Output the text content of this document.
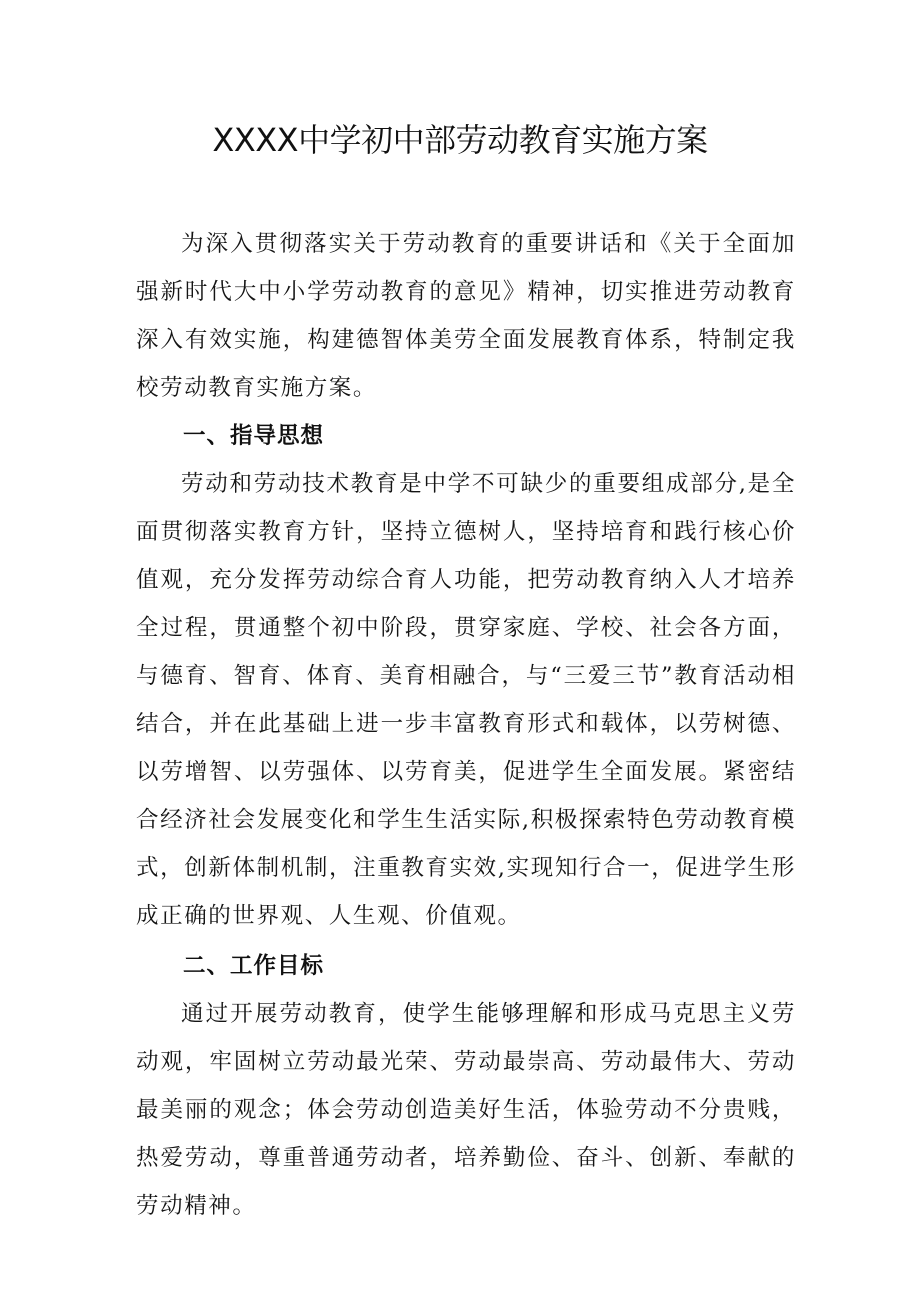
XXXX中学初中部劳动教育实施方案

为深入贯彻落实关于劳动教育的重要讲话和《关于全面加强新时代大中小学劳动教育的意见》精神，切实推进劳动教育深入有效实施，构建德智体美劳全面发展教育体系，特制定我校劳动教育实施方案。

一、指导思想

劳动和劳动技术教育是中学不可缺少的重要组成部分,是全面贯彻落实教育方针，坚持立德树人，坚持培育和践行核心价值观，充分发挥劳动综合育人功能，把劳动教育纳入人才培养全过程，贯通整个初中阶段，贯穿家庭、学校、社会各方面，与德育、智育、体育、美育相融合，与“三爱三节”教育活动相结合，并在此基础上进一步丰富教育形式和载体，以劳树德、以劳增智、以劳强体、以劳育美，促进学生全面发展。紧密结合经济社会发展变化和学生生活实际,积极探索特色劳动教育模式，创新体制机制，注重教育实效,实现知行合一，促进学生形成正确的世界观、人生观、价值观。

二、工作目标

通过开展劳动教育，使学生能够理解和形成马克思主义劳动观，牢固树立劳动最光荣、劳动最崇高、劳动最伟大、劳动最美丽的观念；体会劳动创造美好生活，体验劳动不分贵贱，热爱劳动，尊重普通劳动者，培养勤俭、奋斗、创新、奉献的劳动精神。
